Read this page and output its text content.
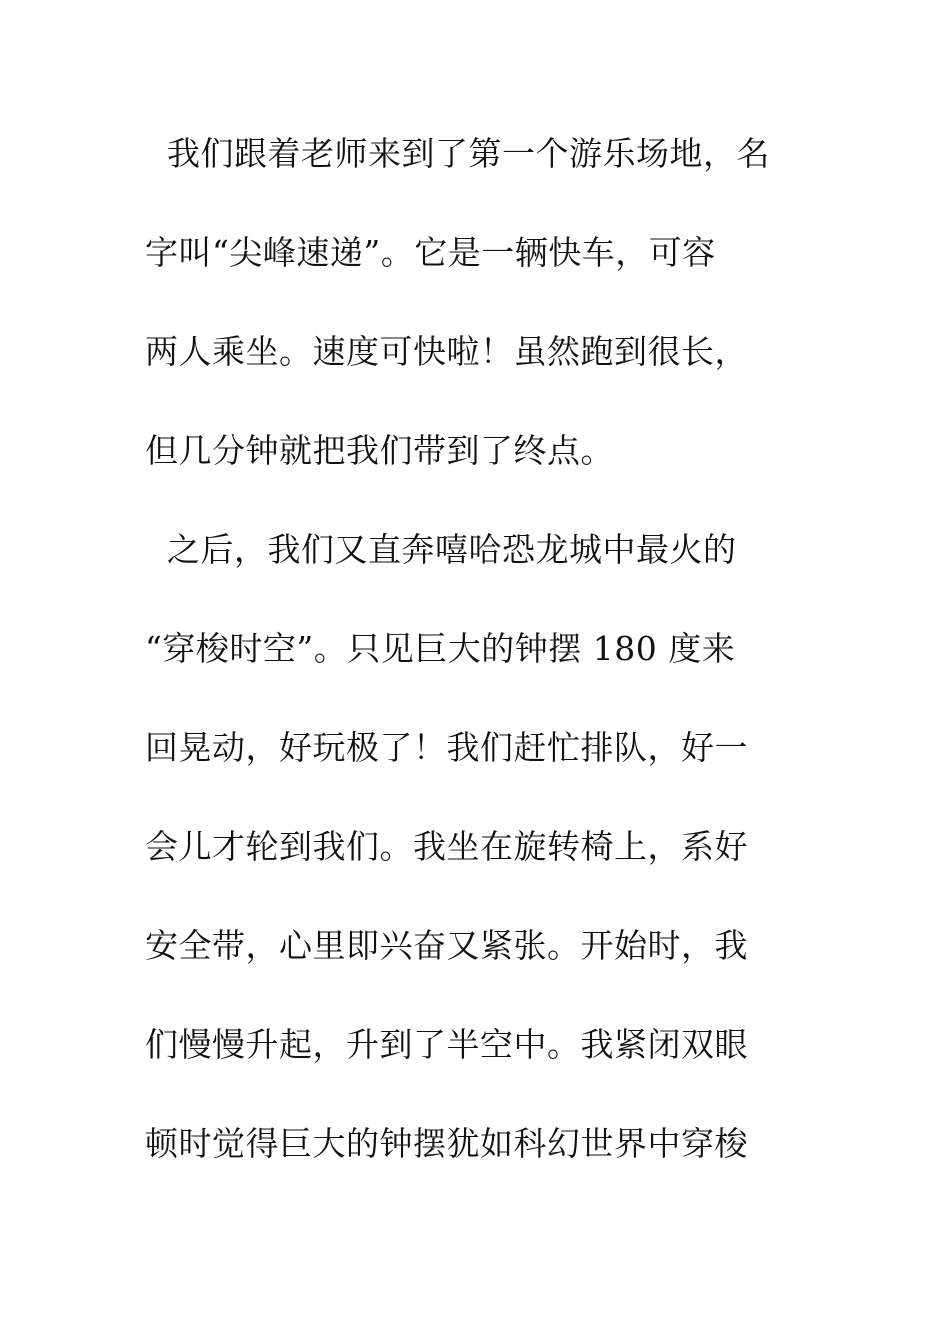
我们跟着老师来到了第一个游乐场地，名
字叫“尖峰速递”。它是一辆快车，可容
两人乘坐。速度可快啦！虽然跑到很长，
但几分钟就把我们带到了终点。
之后，我们又直奔嘻哈恐龙城中最火的
“穿梭时空”。只见巨大的钟摆 180 度来
回晃动，好玩极了！我们赶忙排队，好一
会儿才轮到我们。我坐在旋转椅上，系好
安全带，心里即兴奋又紧张。开始时，我
们慢慢升起，升到了半空中。我紧闭双眼
顿时觉得巨大的钟摆犹如科幻世界中穿梭
